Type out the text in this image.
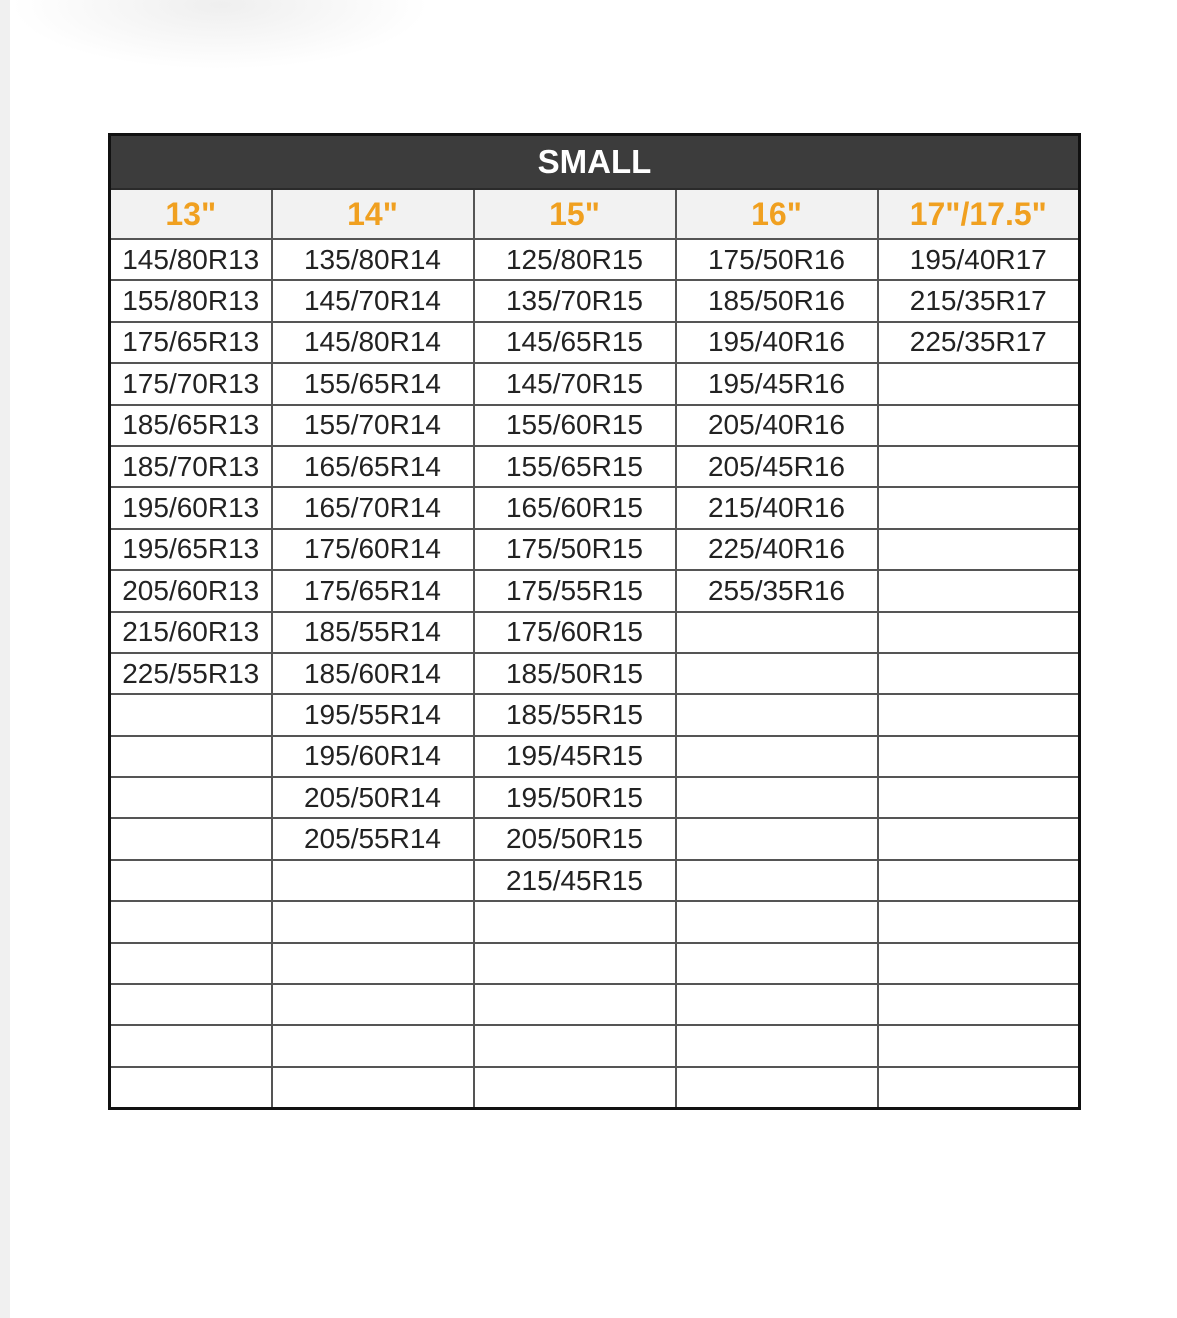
SMALL				
13"	14"	15"	16"	17"/17.5"
145/80R13	135/80R14	125/80R15	175/50R16	195/40R17
155/80R13	145/70R14	135/70R15	185/50R16	215/35R17
175/65R13	145/80R14	145/65R15	195/40R16	225/35R17
175/70R13	155/65R14	145/70R15	195/45R16	
185/65R13	155/70R14	155/60R15	205/40R16	
185/70R13	165/65R14	155/65R15	205/45R16	
195/60R13	165/70R14	165/60R15	215/40R16	
195/65R13	175/60R14	175/50R15	225/40R16	
205/60R13	175/65R14	175/55R15	255/35R16	
215/60R13	185/55R14	175/60R15		
225/55R13	185/60R14	185/50R15		
	195/55R14	185/55R15		
	195/60R14	195/45R15		
	205/50R14	195/50R15		
	205/55R14	205/50R15		
		215/45R15		
